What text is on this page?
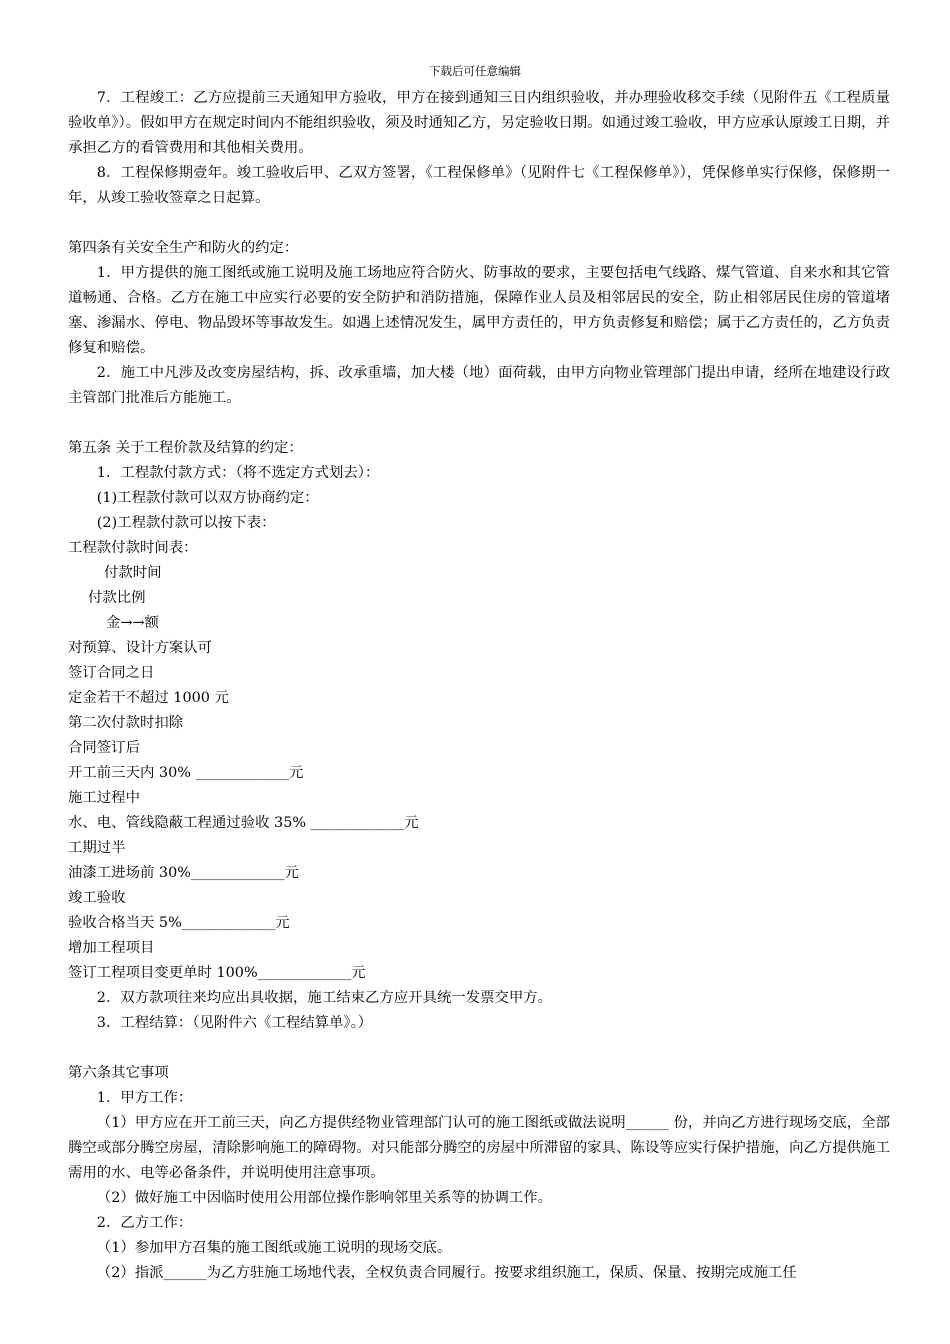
下载后可任意编辑

7．工程竣工：乙方应提前三天通知甲方验收，甲方在接到通知三日内组织验收，并办理验收移交手续（见附件五《工程质量验收单》）。假如甲方在规定时间内不能组织验收，须及时通知乙方，另定验收日期。如通过竣工验收，甲方应承认原竣工日期，并承担乙方的看管费用和其他相关费用。

8．工程保修期壹年。竣工验收后甲、乙双方签署，《工程保修单》（见附件七《工程保修单》），凭保修单实行保修，保修期一年，从竣工验收签章之日起算。

第四条有关安全生产和防火的约定：

1．甲方提供的施工图纸或施工说明及施工场地应符合防火、防事故的要求，主要包括电气线路、煤气管道、自来水和其它管道畅通、合格。乙方在施工中应实行必要的安全防护和消防措施，保障作业人员及相邻居民的安全，防止相邻居民住房的管道堵塞、渗漏水、停电、物品毁坏等事故发生。如遇上述情况发生，属甲方责任的，甲方负责修复和赔偿；属于乙方责任的，乙方负责修复和赔偿。

2．施工中凡涉及改变房屋结构，拆、改承重墙，加大楼（地）面荷载，由甲方向物业管理部门提出申请，经所在地建设行政主管部门批准后方能施工。

第五条 关于工程价款及结算的约定：

1．工程款付款方式：（将不选定方式划去）：

(1)工程款付款可以双方协商约定：

(2)工程款付款可以按下表：

工程款付款时间表：

付款时间

付款比例

金→→额

对预算、设计方案认可

签订合同之日

定金若干不超过 1000 元

第二次付款时扣除

合同签订后

开工前三天内 30% _____________元

施工过程中

水、电、管线隐蔽工程通过验收 35% _____________元

工期过半

油漆工进场前 30%_____________元

竣工验收

验收合格当天 5%_____________元

增加工程项目

签订工程项目变更单时 100%_____________元

2．双方款项往来均应出具收据，施工结束乙方应开具统一发票交甲方。

3．工程结算：（见附件六《工程结算单》。）

第六条其它事项

1．甲方工作：

（1）甲方应在开工前三天，向乙方提供经物业管理部门认可的施工图纸或做法说明______ 份，并向乙方进行现场交底，全部腾空或部分腾空房屋，清除影响施工的障碍物。对只能部分腾空的房屋中所滞留的家具、陈设等应实行保护措施，向乙方提供施工需用的水、电等必备条件，并说明使用注意事项。

（2）做好施工中因临时使用公用部位操作影响邻里关系等的协调工作。

2．乙方工作：

（1）参加甲方召集的施工图纸或施工说明的现场交底。

（2）指派______为乙方驻施工场地代表，全权负责合同履行。按要求组织施工，保质、保量、按期完成施工任
